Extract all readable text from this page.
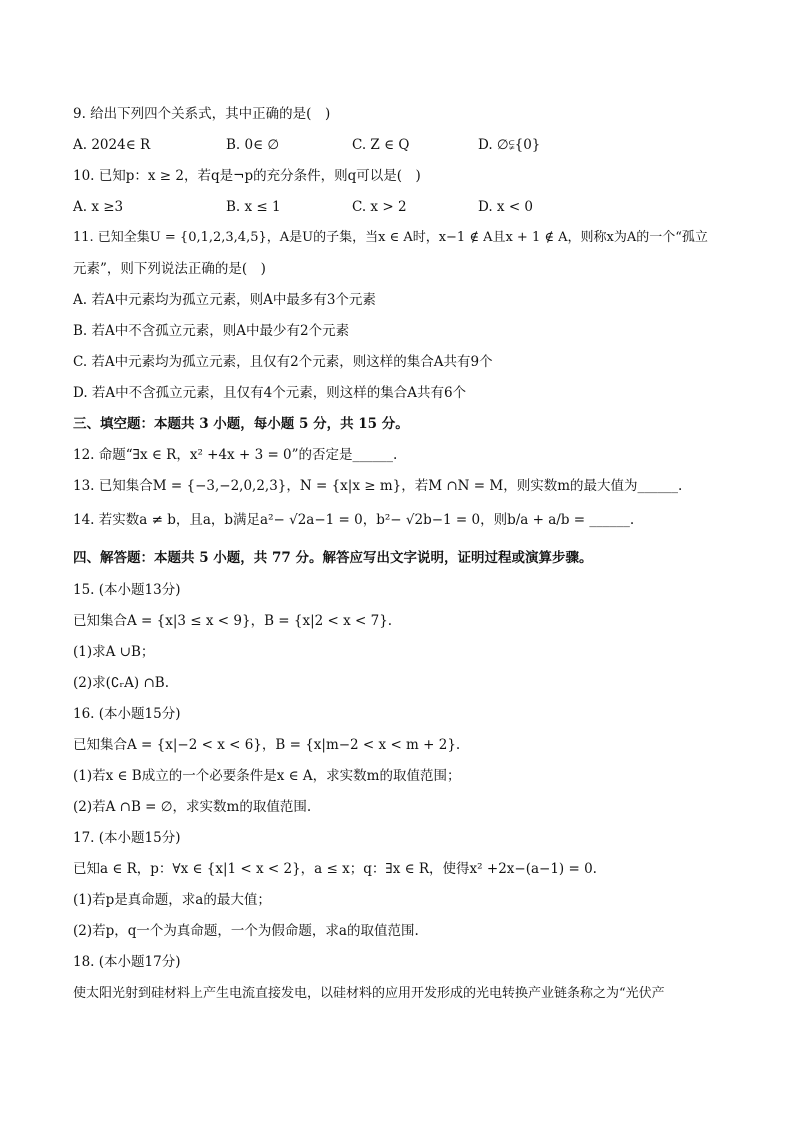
9. 给出下列四个关系式，其中正确的是(　)
A. 2024∈ R	B. 0∈ ∅	C. Z ∈ Q	D. ∅⫋{0}
10. 已知p：x ≥ 2，若q是¬p的充分条件，则q可以是(　)
A. x ≥3	B. x ≤ 1	C. x > 2	D. x < 0
11. 已知全集U = {0,1,2,3,4,5}，A是U的子集，当x ∈ A时，x−1 ∉ A且x + 1 ∉ A，则称x为A的一个“孤立
元素”，则下列说法正确的是(　)
A. 若A中元素均为孤立元素，则A中最多有3个元素
B. 若A中不含孤立元素，则A中最少有2个元素
C. 若A中元素均为孤立元素，且仅有2个元素，则这样的集合A共有9个
D. 若A中不含孤立元素，且仅有4个元素，则这样的集合A共有6个
三、填空题：本题共 3 小题，每小题 5 分，共 15 分。
12. 命题“∃x ∈ R，x² +4x + 3 = 0”的否定是______.
13. 已知集合M = {−3,−2,0,2,3}，N = {x|x ≥ m}，若M ∩N = M，则实数m的最大值为______.
14. 若实数a ≠ b，且a，b满足a²− √2a−1 = 0，b²− √2b−1 = 0，则b/a + a/b = ______.
四、解答题：本题共 5 小题，共 77 分。解答应写出文字说明，证明过程或演算步骤。
15. (本小题13分)
已知集合A = {x|3 ≤ x < 9}，B = {x|2 < x < 7}.
(1)求A ∪B；
(2)求(∁ᵣA) ∩B.
16. (本小题15分)
已知集合A = {x|−2 < x < 6}，B = {x|m−2 < x < m + 2}.
(1)若x ∈ B成立的一个必要条件是x ∈ A，求实数m的取值范围；
(2)若A ∩B = ∅，求实数m的取值范围.
17. (本小题15分)
已知a ∈ R，p：∀x ∈ {x|1 < x < 2}，a ≤ x；q：∃x ∈ R，使得x² +2x−(a−1) = 0.
(1)若p是真命题，求a的最大值；
(2)若p，q一个为真命题，一个为假命题，求a的取值范围.
18. (本小题17分)
使太阳光射到硅材料上产生电流直接发电，以硅材料的应用开发形成的光电转换产业链条称之为“光伏产
